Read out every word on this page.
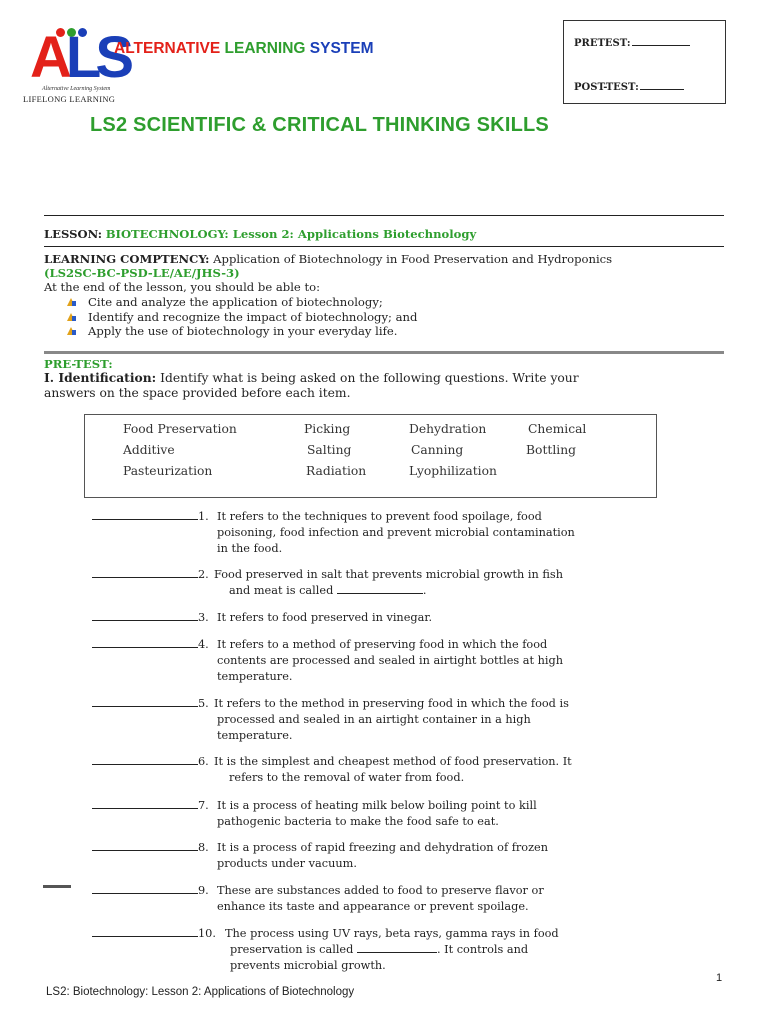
ALS
Alternative Learning System
LIFELONG LEARNING
ALTERNATIVE LEARNING SYSTEM	PRETEST:
POST-TEST:
LS2 SCIENTIFIC & CRITICAL THINKING SKILLS
LESSON: BIOTECHNOLOGY: Lesson 2: Applications Biotechnology
LEARNING COMPTENCY: Application of Biotechnology in Food Preservation and Hydroponics
(LS2SC-BC-PSD-LE/AE/JHS-3)
At the end of the lesson, you should be able to:
Cite and analyze the application of biotechnology;
Identify and recognize the impact of biotechnology; and
Apply the use of biotechnology in your everyday life.
PRE-TEST:
I. Identification: Identify what is being asked on the following questions. Write your
answers on the space provided before each item.
Food Preservation	Picking	Dehydration	Chemical
Additive	Salting	Canning	Bottling
Pasteurization	Radiation	Lyophilization
1. It refers to the techniques to prevent food spoilage, food
poisoning, food infection and prevent microbial contamination
in the food.
2. Food preserved in salt that prevents microbial growth in fish
and meat is called	.
3. It refers to food preserved in vinegar.
4. It refers to a method of preserving food in which the food
contents are processed and sealed in airtight bottles at high
temperature.
5. It refers to the method in preserving food in which the food is
processed and sealed in an airtight container in a high
temperature.
6. It is the simplest and cheapest method of food preservation. It
refers to the removal of water from food.
7. It is a process of heating milk below boiling point to kill
pathogenic bacteria to make the food safe to eat.
8. It is a process of rapid freezing and dehydration of frozen
products under vacuum.
9. These are substances added to food to preserve flavor or
enhance its taste and appearance or prevent spoilage.
10. The process using UV rays, beta rays, gamma rays in food
preservation is called	. It controls and
prevents microbial growth.
1
LS2: Biotechnology: Lesson 2: Applications of Biotechnology
